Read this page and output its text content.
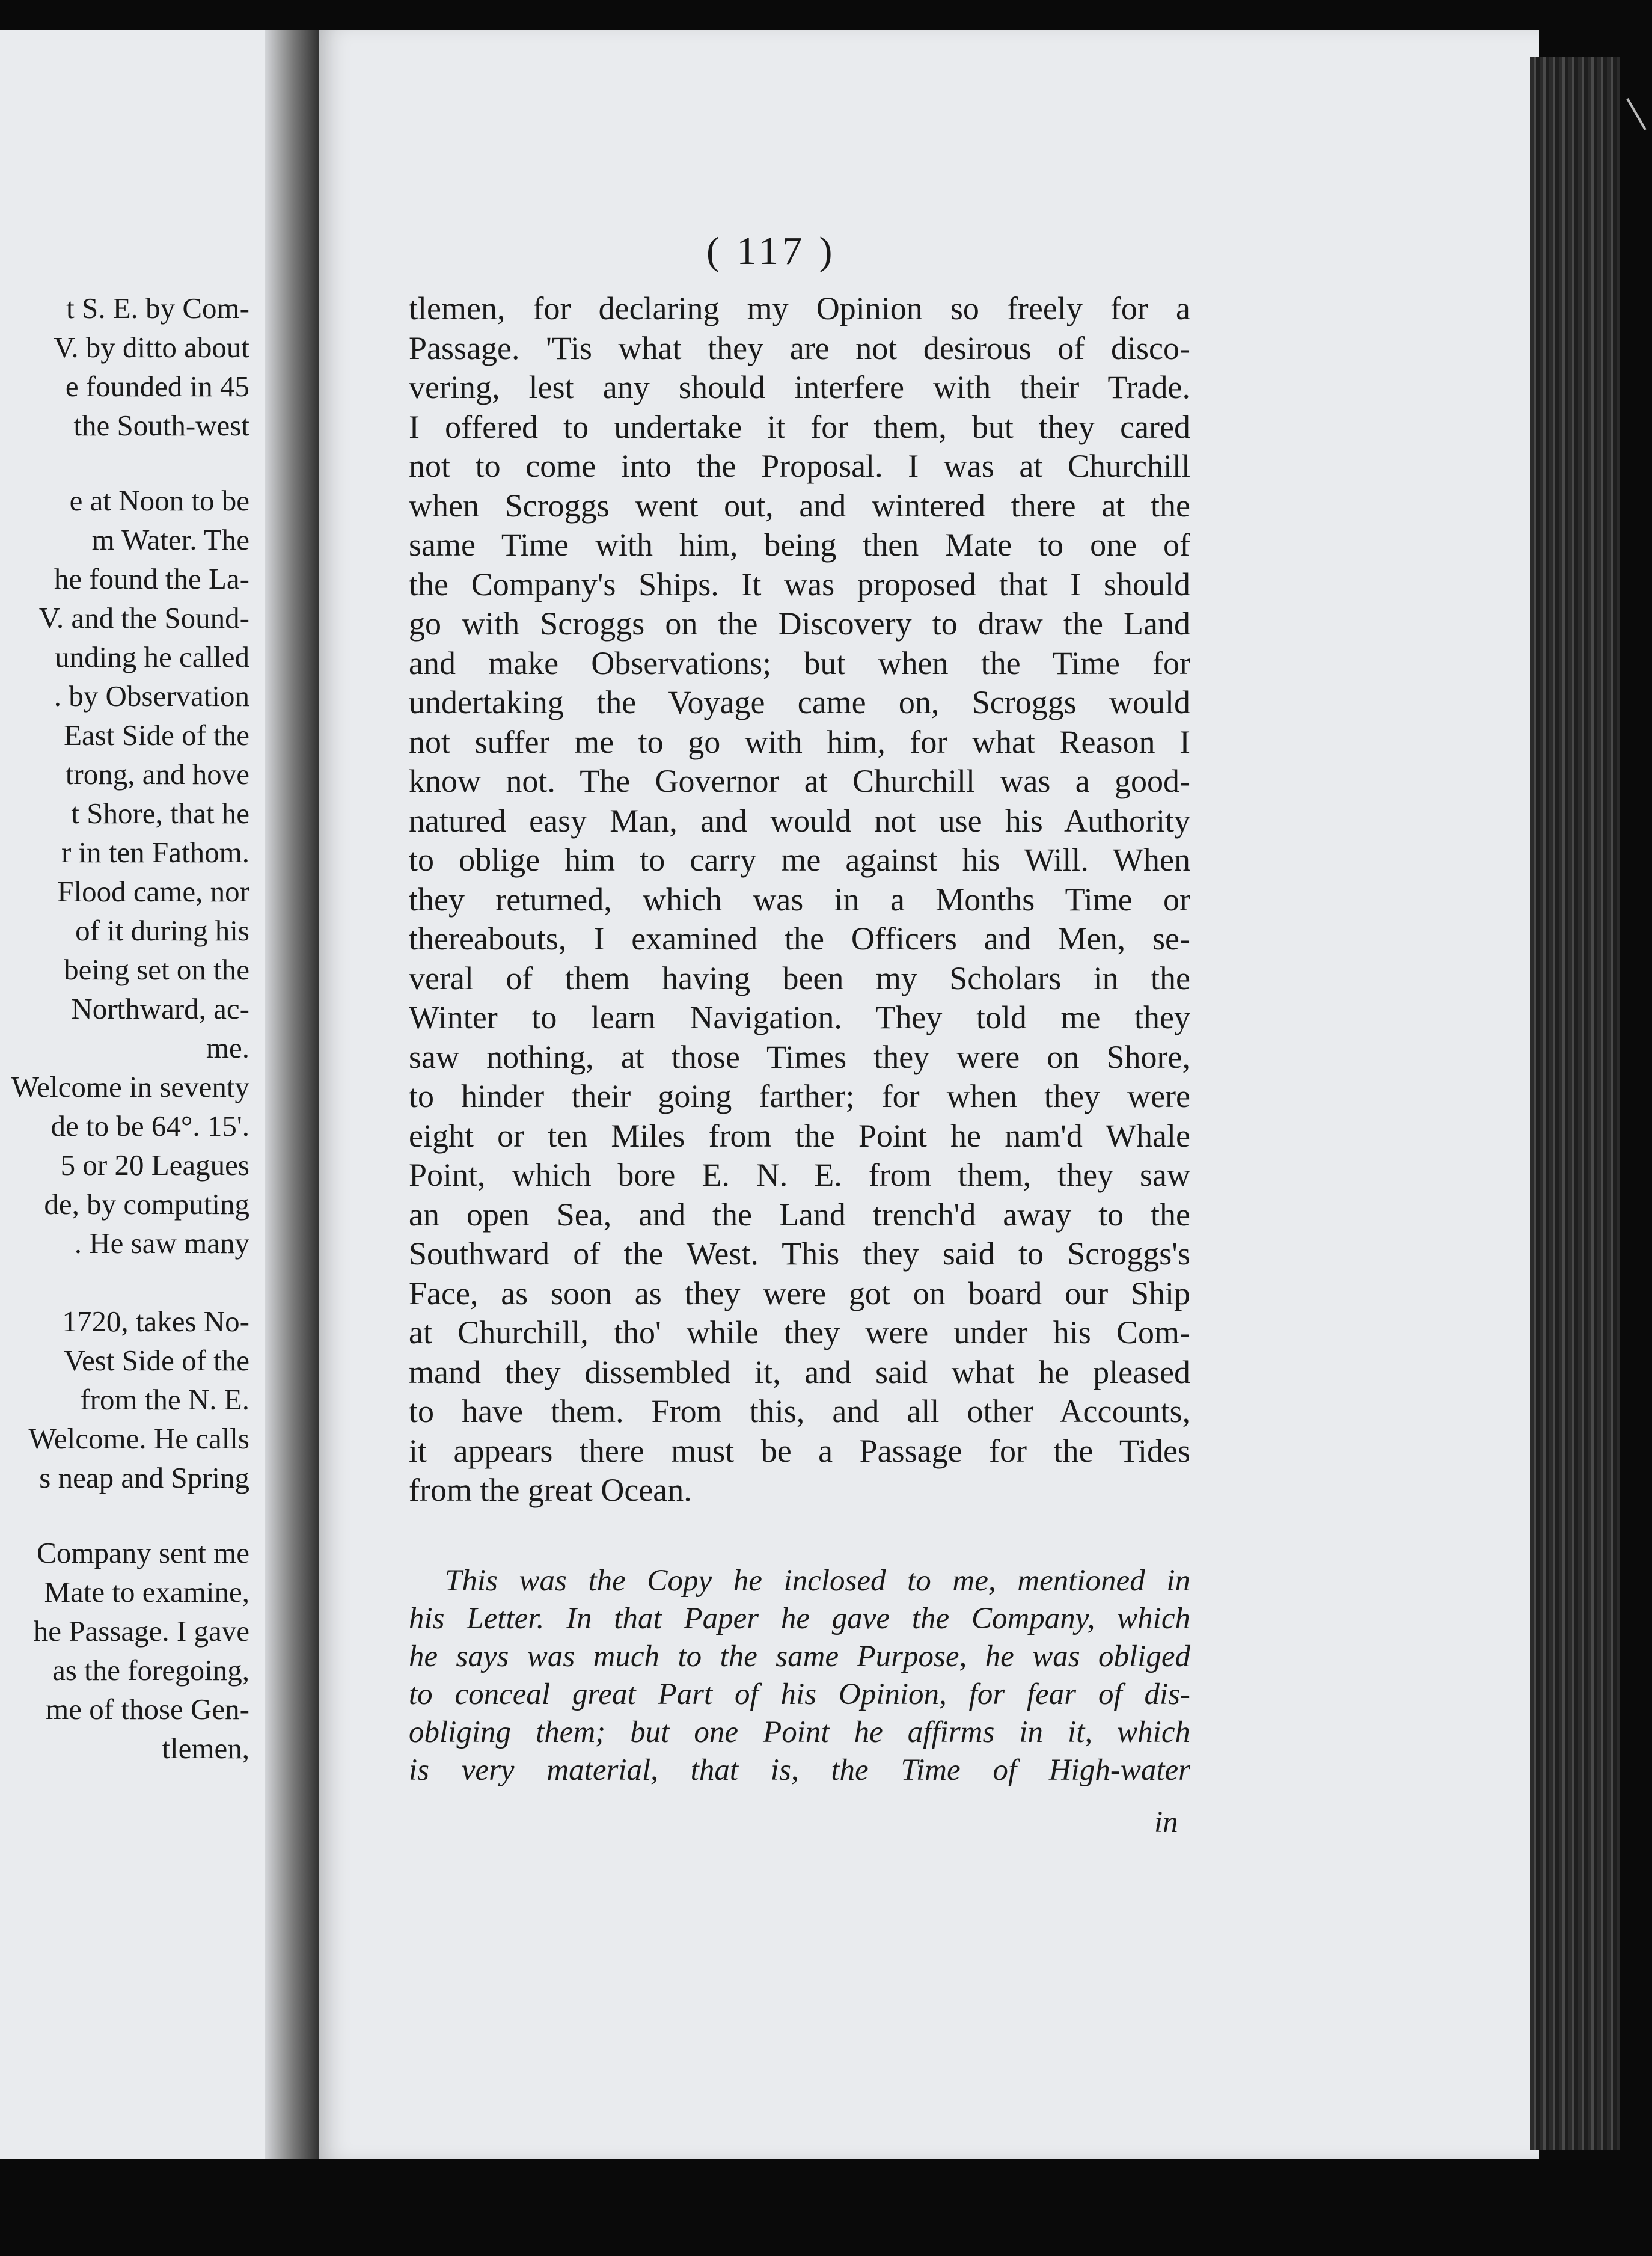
t S. E. by Com-
V. by ditto about
e founded in 45
the South-west
e at Noon to be
m Water. The
he found the La-
V. and the Sound-
unding he called
. by Observation
East Side of the
trong, and hove
t Shore, that he
r in ten Fathom.
Flood came, nor
of it during his
being set on the
Northward, ac-
me.
Welcome in seventy
de to be 64°. 15'.
5 or 20 Leagues
de, by computing
. He saw many
1720, takes No-
Vest Side of the
from the N. E.
Welcome. He calls
s neap and Spring
Company sent me
Mate to examine,
he Passage. I gave
as the foregoing,
me of those Gen-
tlemen,
( 117 )
tlemen, for declaring my Opinion so freely for a
Passage. 'Tis what they are not desirous of disco-
vering, lest any should interfere with their Trade.
I offered to undertake it for them, but they cared
not to come into the Proposal. I was at Churchill
when Scroggs went out, and wintered there at the
same Time with him, being then Mate to one of
the Company's Ships. It was proposed that I should
go with Scroggs on the Discovery to draw the Land
and make Observations; but when the Time for
undertaking the Voyage came on, Scroggs would
not suffer me to go with him, for what Reason I
know not. The Governor at Churchill was a good-
natured easy Man, and would not use his Authority
to oblige him to carry me against his Will. When
they returned, which was in a Months Time or
thereabouts, I examined the Officers and Men, se-
veral of them having been my Scholars in the
Winter to learn Navigation. They told me they
saw nothing, at those Times they were on Shore,
to hinder their going farther; for when they were
eight or ten Miles from the Point he nam'd Whale
Point, which bore E. N. E. from them, they saw
an open Sea, and the Land trench'd away to the
Southward of the West. This they said to Scroggs's
Face, as soon as they were got on board our Ship
at Churchill, tho' while they were under his Com-
mand they dissembled it, and said what he pleased
to have them. From this, and all other Accounts,
it appears there must be a Passage for the Tides
from the great Ocean.
This was the Copy he inclosed to me, mentioned in
his Letter. In that Paper he gave the Company, which
he says was much to the same Purpose, he was obliged
to conceal great Part of his Opinion, for fear of dis-
obliging them; but one Point he affirms in it, which
is very material, that is, the Time of High-water
in
